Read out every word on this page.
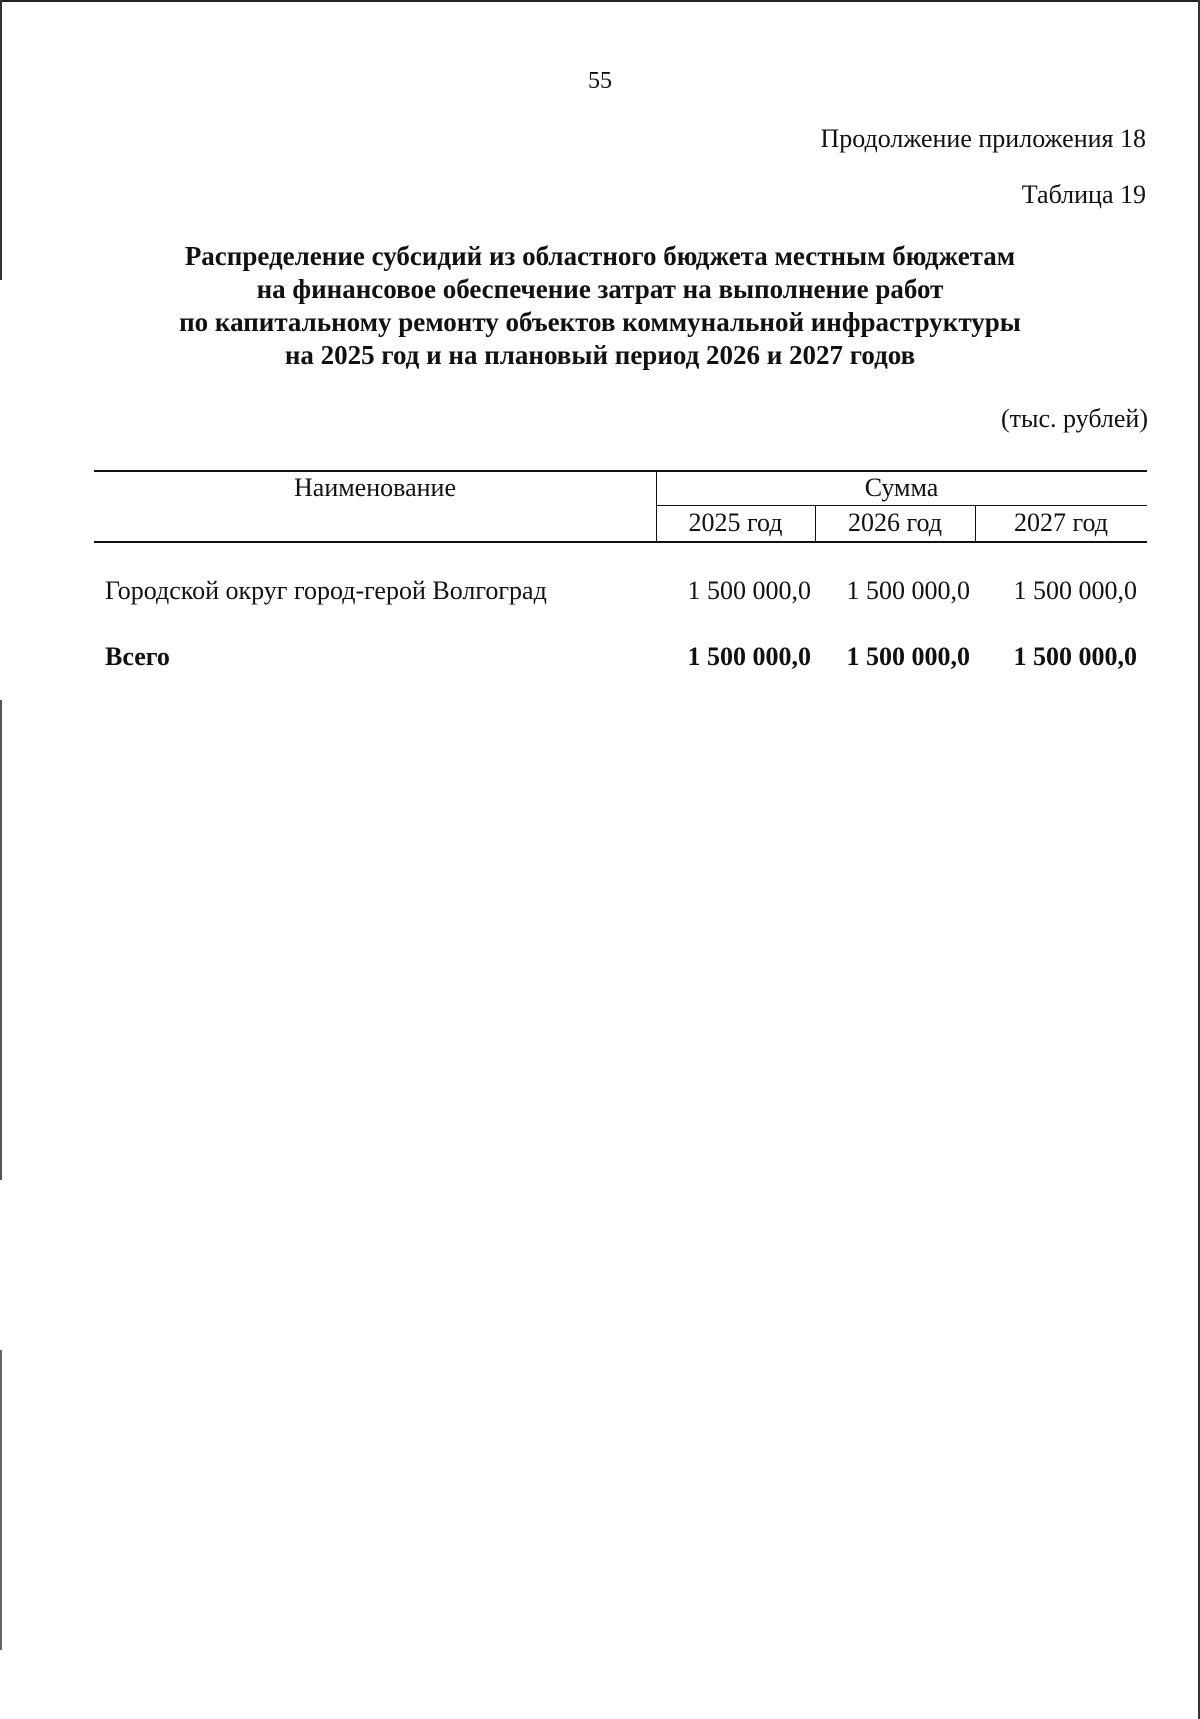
55
Продолжение приложения 18
Таблица 19
Распределение субсидий из областного бюджета местным бюджетам
на финансовое обеспечение затрат на выполнение работ
по капитальному ремонту объектов коммунальной инфраструктуры
на 2025 год и на плановый период 2026 и 2027 годов
(тыс. рублей)
Наименование	Сумма
2025 год	2026 год	2027 год
Городской округ город-герой Волгоград	1 500 000,0	1 500 000,0	1 500 000,0
Всего	1 500 000,0	1 500 000,0	1 500 000,0
